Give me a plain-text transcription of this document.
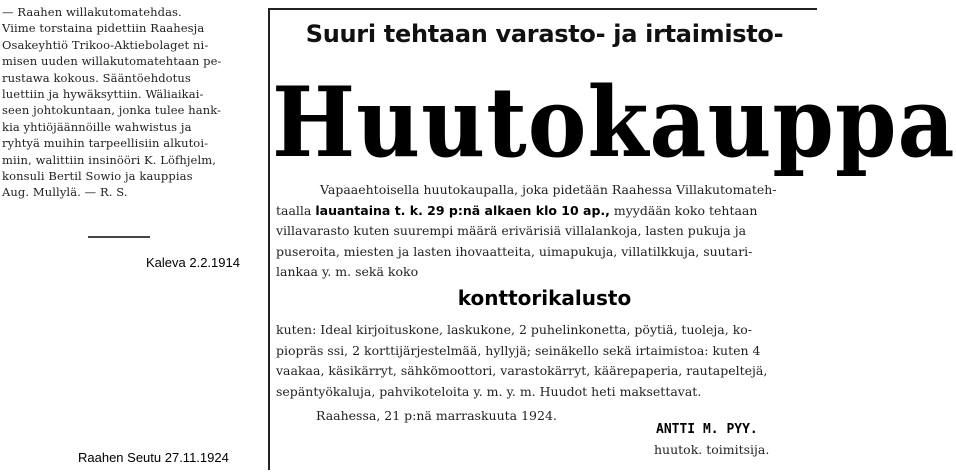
— Raahen willakutomatehdas.
Viime torstaina pidettiin Raahesja
Osakeyhtiö Trikoo-Aktiebolaget ni-
misen uuden willakutomatehtaan pe-
rustawa kokous. Sääntöehdotus
luettiin ja hywäksyttiin. Wäliaikai-
seen johtokuntaan, jonka tulee hank-
kia yhtiöjäännöille wahwistus ja
ryhtyä muihin tarpeellisiin alkutoi-
miin, walittiin insinööri K. Löfhjelm,
konsuli Bertil Sowio ja kauppias
Aug. Mullylä. — R. S.
Kaleva 2.2.1914
Raahen Seutu 27.11.1924
Suuri tehtaan varasto- ja irtaimisto-
Huutokauppa
Vapaaehtoisella huutokaupalla, joka pidetään Raahessa Villakutomateh-
taalla lauantaina t. k. 29 p:nä alkaen klo 10 ap., myydään koko tehtaan
villavarasto kuten suurempi määrä erivärisiä villalankoja, lasten pukuja ja
puseroita, miesten ja lasten ihovaatteita, uimapukuja, villatilkkuja, suutari-
lankaa y. m. sekä koko
konttorikalusto
kuten: Ideal kirjoituskone, laskukone, 2 puhelinkonetta, pöytiä, tuoleja, ko-
piopräs ssi, 2 korttijärjestelmää, hyllyjä; seinäkello sekä irtaimistoa: kuten 4
vaakaa, käsikärryt, sähkömoottori, varastokärryt, käärepaperia, rautapeltejä,
sepäntyökaluja, pahvikoteloita y. m. y. m. Huudot heti maksettavat.
Raahessa, 21 p:nä marraskuuta 1924.
ANTTI M. PYY.
huutok. toimitsija.
